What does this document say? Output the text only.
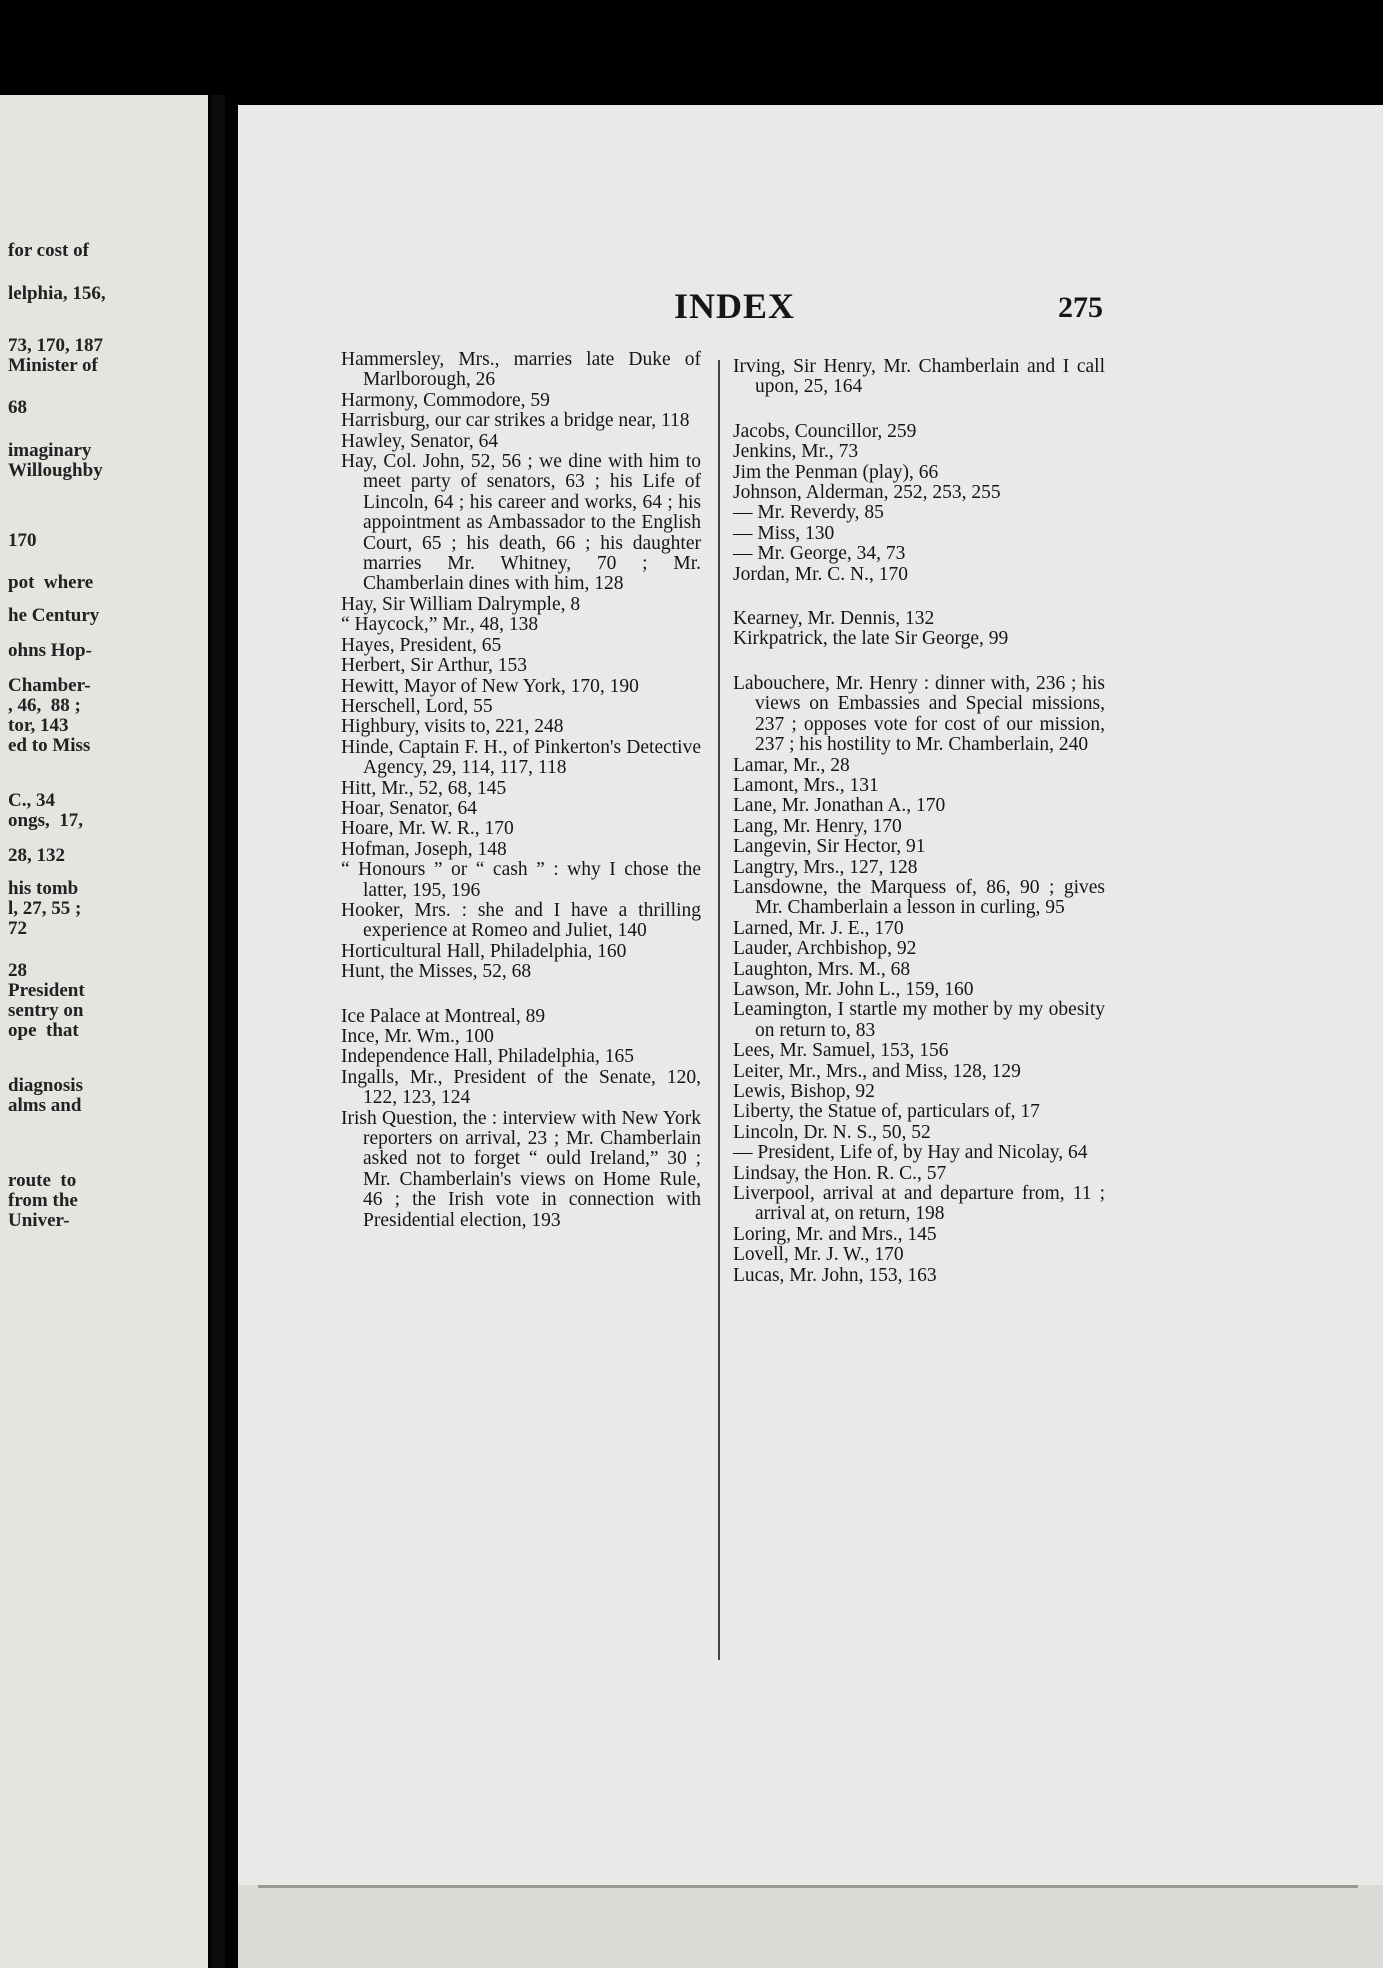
for cost of
lelphia, 156,
73, 170, 187
Minister of
68
imaginary
Willoughby
170
pot  where
he Century
ohns Hop-
Chamber-
, 46,  88 ;
tor, 143
ed to Miss
C., 34
ongs,  17,
28, 132
his tomb
l, 27, 55 ;
72
28
President
sentry on
ope  that
diagnosis
alms and
route  to
from the
Univer-
INDEX	275
Hammersley, Mrs., marries late Duke of Marlborough, 26
Harmony, Commodore, 59
Harrisburg, our car strikes a bridge near, 118
Hawley, Senator, 64
Hay, Col. John, 52, 56 ; we dine with him to meet party of senators, 63 ; his Life of Lincoln, 64 ; his career and works, 64 ; his appointment as Ambassador to the English Court, 65 ; his death, 66 ; his daughter marries Mr. Whitney, 70 ; Mr. Chamberlain dines with him, 128
Hay, Sir William Dalrymple, 8
“ Haycock,” Mr., 48, 138
Hayes, President, 65
Herbert, Sir Arthur, 153
Hewitt, Mayor of New York, 170, 190
Herschell, Lord, 55
Highbury, visits to, 221, 248
Hinde, Captain F. H., of Pinkerton's Detective Agency, 29, 114, 117, 118
Hitt, Mr., 52, 68, 145
Hoar, Senator, 64
Hoare, Mr. W. R., 170
Hofman, Joseph, 148
“ Honours ” or “ cash ” : why I chose the latter, 195, 196
Hooker, Mrs. : she and I have a thrilling experience at Romeo and Juliet, 140
Horticultural Hall, Philadelphia, 160
Hunt, the Misses, 52, 68
Ice Palace at Montreal, 89
Ince, Mr. Wm., 100
Independence Hall, Philadelphia, 165
Ingalls, Mr., President of the Senate, 120, 122, 123, 124
Irish Question, the : interview with New York reporters on arrival, 23 ; Mr. Chamberlain asked not to forget “ ould Ireland,” 30 ; Mr. Chamberlain's views on Home Rule, 46 ; the Irish vote in connection with Presidential election, 193
Irving, Sir Henry, Mr. Chamberlain and I call upon, 25, 164
Jacobs, Councillor, 259
Jenkins, Mr., 73
Jim the Penman (play), 66
Johnson, Alderman, 252, 253, 255
— Mr. Reverdy, 85
— Miss, 130
— Mr. George, 34, 73
Jordan, Mr. C. N., 170
Kearney, Mr. Dennis, 132
Kirkpatrick, the late Sir George, 99
Labouchere, Mr. Henry : dinner with, 236 ; his views on Embassies and Special missions, 237 ; opposes vote for cost of our mission, 237 ; his hostility to Mr. Chamberlain, 240
Lamar, Mr., 28
Lamont, Mrs., 131
Lane, Mr. Jonathan A., 170
Lang, Mr. Henry, 170
Langevin, Sir Hector, 91
Langtry, Mrs., 127, 128
Lansdowne, the Marquess of, 86, 90 ; gives Mr. Chamberlain a lesson in curling, 95
Larned, Mr. J. E., 170
Lauder, Archbishop, 92
Laughton, Mrs. M., 68
Lawson, Mr. John L., 159, 160
Leamington, I startle my mother by my obesity on return to, 83
Lees, Mr. Samuel, 153, 156
Leiter, Mr., Mrs., and Miss, 128, 129
Lewis, Bishop, 92
Liberty, the Statue of, particulars of, 17
Lincoln, Dr. N. S., 50, 52
— President, Life of, by Hay and Nicolay, 64
Lindsay, the Hon. R. C., 57
Liverpool, arrival at and departure from, 11 ; arrival at, on return, 198
Loring, Mr. and Mrs., 145
Lovell, Mr. J. W., 170
Lucas, Mr. John, 153, 163
